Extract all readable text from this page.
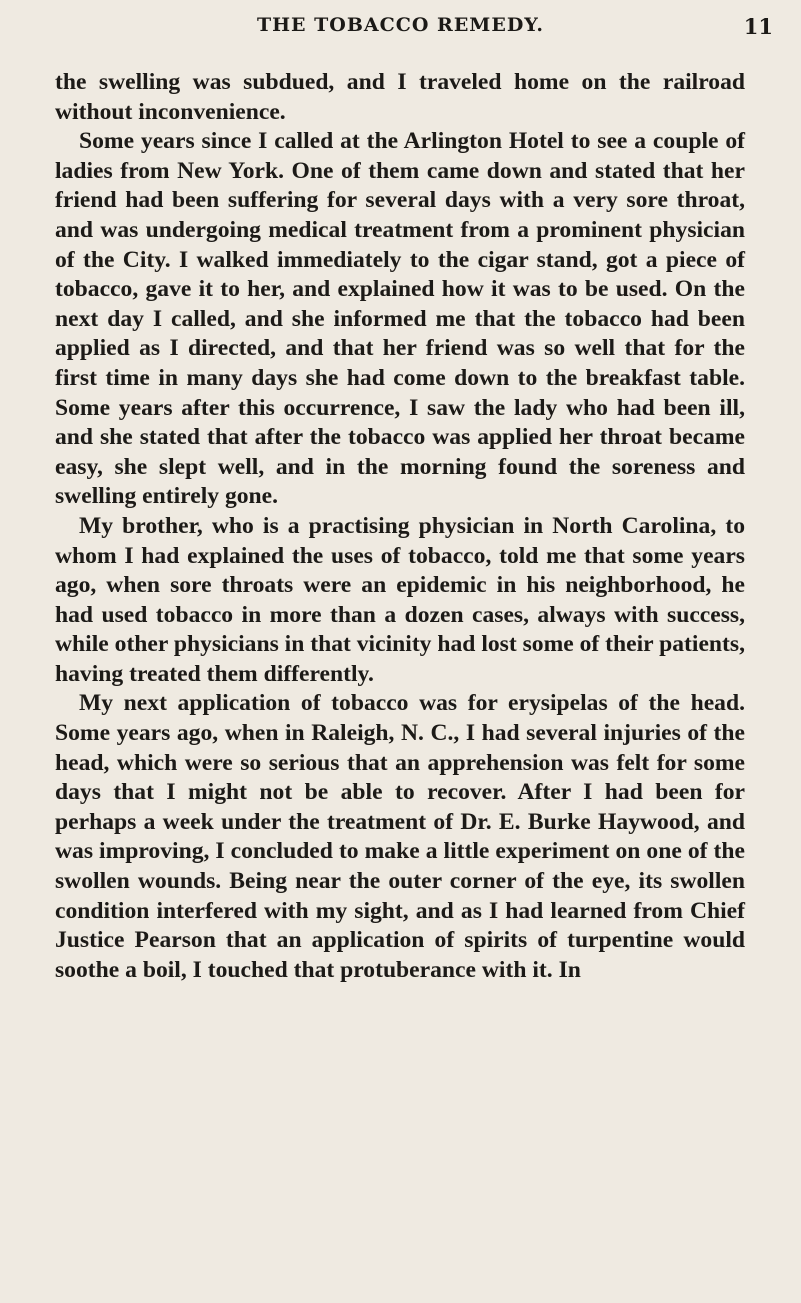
THE TOBACCO REMEDY.	11

the swelling was subdued, and I traveled home on the railroad without inconvenience.

Some years since I called at the Arlington Hotel to see a couple of ladies from New York. One of them came down and stated that her friend had been suffering for several days with a very sore throat, and was undergoing medical treatment from a prominent physician of the City. I walked immediately to the cigar stand, got a piece of tobacco, gave it to her, and explained how it was to be used. On the next day I called, and she informed me that the tobacco had been applied as I directed, and that her friend was so well that for the first time in many days she had come down to the breakfast table. Some years after this occurrence, I saw the lady who had been ill, and she stated that after the tobacco was applied her throat became easy, she slept well, and in the morning found the soreness and swelling entirely gone.

My brother, who is a practising physician in North Carolina, to whom I had explained the uses of tobacco, told me that some years ago, when sore throats were an epidemic in his neighborhood, he had used tobacco in more than a dozen cases, always with success, while other physicians in that vicinity had lost some of their patients, having treated them differently.

My next application of tobacco was for erysipelas of the head. Some years ago, when in Raleigh, N. C., I had several injuries of the head, which were so serious that an apprehension was felt for some days that I might not be able to recover. After I had been for perhaps a week under the treatment of Dr. E. Burke Haywood, and was improving, I concluded to make a little experiment on one of the swollen wounds. Being near the outer corner of the eye, its swollen condition interfered with my sight, and as I had learned from Chief Justice Pearson that an application of spirits of turpentine would soothe a boil, I touched that protuberance with it. In
